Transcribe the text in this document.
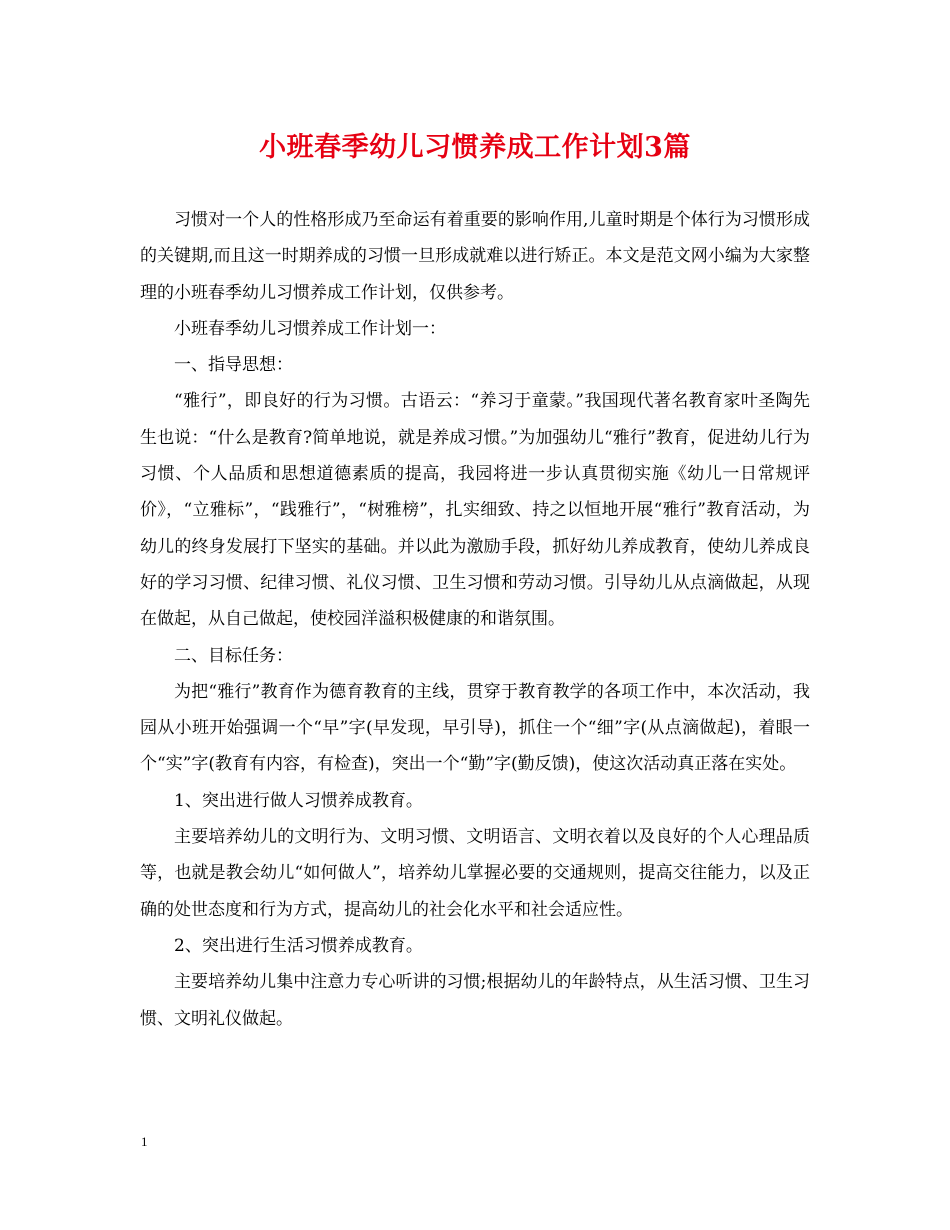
小班春季幼儿习惯养成工作计划3篇

习惯对一个人的性格形成乃至命运有着重要的影响作用,儿童时期是个体行为习惯形成的关键期,而且这一时期养成的习惯一旦形成就难以进行矫正。本文是范文网小编为大家整理的小班春季幼儿习惯养成工作计划，仅供参考。

小班春季幼儿习惯养成工作计划一：

一、指导思想：

“雅行”，即良好的行为习惯。古语云：“养习于童蒙。”我国现代著名教育家叶圣陶先生也说：“什么是教育?简单地说，就是养成习惯。”为加强幼儿“雅行”教育，促进幼儿行为习惯、个人品质和思想道德素质的提高，我园将进一步认真贯彻实施《幼儿一日常规评价》，“立雅标”，“践雅行”，“树雅榜”，扎实细致、持之以恒地开展“雅行”教育活动，为幼儿的终身发展打下坚实的基础。并以此为激励手段，抓好幼儿养成教育，使幼儿养成良好的学习习惯、纪律习惯、礼仪习惯、卫生习惯和劳动习惯。引导幼儿从点滴做起，从现在做起，从自己做起，使校园洋溢积极健康的和谐氛围。

二、目标任务：

为把“雅行”教育作为德育教育的主线，贯穿于教育教学的各项工作中，本次活动，我园从小班开始强调一个“早”字(早发现，早引导)，抓住一个“细”字(从点滴做起)，着眼一个“实”字(教育有内容，有检查)，突出一个“勤”字(勤反馈)，使这次活动真正落在实处。

1、突出进行做人习惯养成教育。

主要培养幼儿的文明行为、文明习惯、文明语言、文明衣着以及良好的个人心理品质等，也就是教会幼儿“如何做人”，培养幼儿掌握必要的交通规则，提高交往能力，以及正确的处世态度和行为方式，提高幼儿的社会化水平和社会适应性。

2、突出进行生活习惯养成教育。

主要培养幼儿集中注意力专心听讲的习惯;根据幼儿的年龄特点，从生活习惯、卫生习惯、文明礼仪做起。

1
